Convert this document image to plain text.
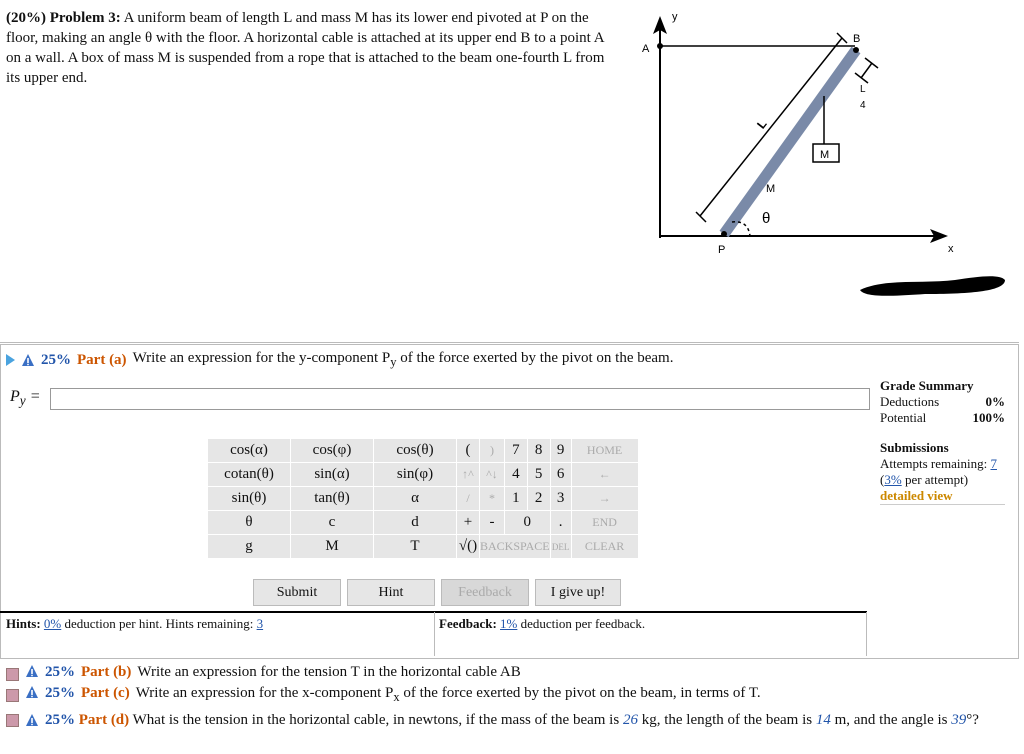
(20%) Problem 3: A uniform beam of length L and mass M has its lower end pivoted at P on the floor, making an angle θ with the floor. A horizontal cable is attached at its upper end B to a point A on a wall. A box of mass M is suspended from a rope that is attached to the beam one-fourth L from its upper end.
y
x
A
B
P
M
M
L
L
4
θ
25% Part (a) Write an expression for the y-component $P_y$ of the force exerted by the pivot on the beam.
$P_y$ =
Grade Summary
Deductions	0%
Potential	100%
Submissions
Attempts remaining: 7
(3% per attempt)
detailed view
cos(α)	cos(φ)	cos(θ)	(	)	7	8	9	HOME
cotan(θ)	sin(α)	sin(φ)	↑^	^↓	4	5	6	←
sin(θ)	tan(θ)	α	/	*	1	2	3	→
θ	c	d	+	-	0		.	END
g	M	T	√()	BACKSPACE			DEL	CLEAR
Submit	Hint	Feedback	I give up!
Hints: 0% deduction per hint. Hints remaining: 3	Feedback: 1% deduction per feedback.
25% Part (b) Write an expression for the tension T in the horizontal cable AB
25% Part (c) Write an expression for the x-component $P_x$ of the force exerted by the pivot on the beam, in terms of T.
25% Part (d) What is the tension in the horizontal cable, in newtons, if the mass of the beam is 26 kg, the length of the beam is 14 m, and the angle is 39°?
